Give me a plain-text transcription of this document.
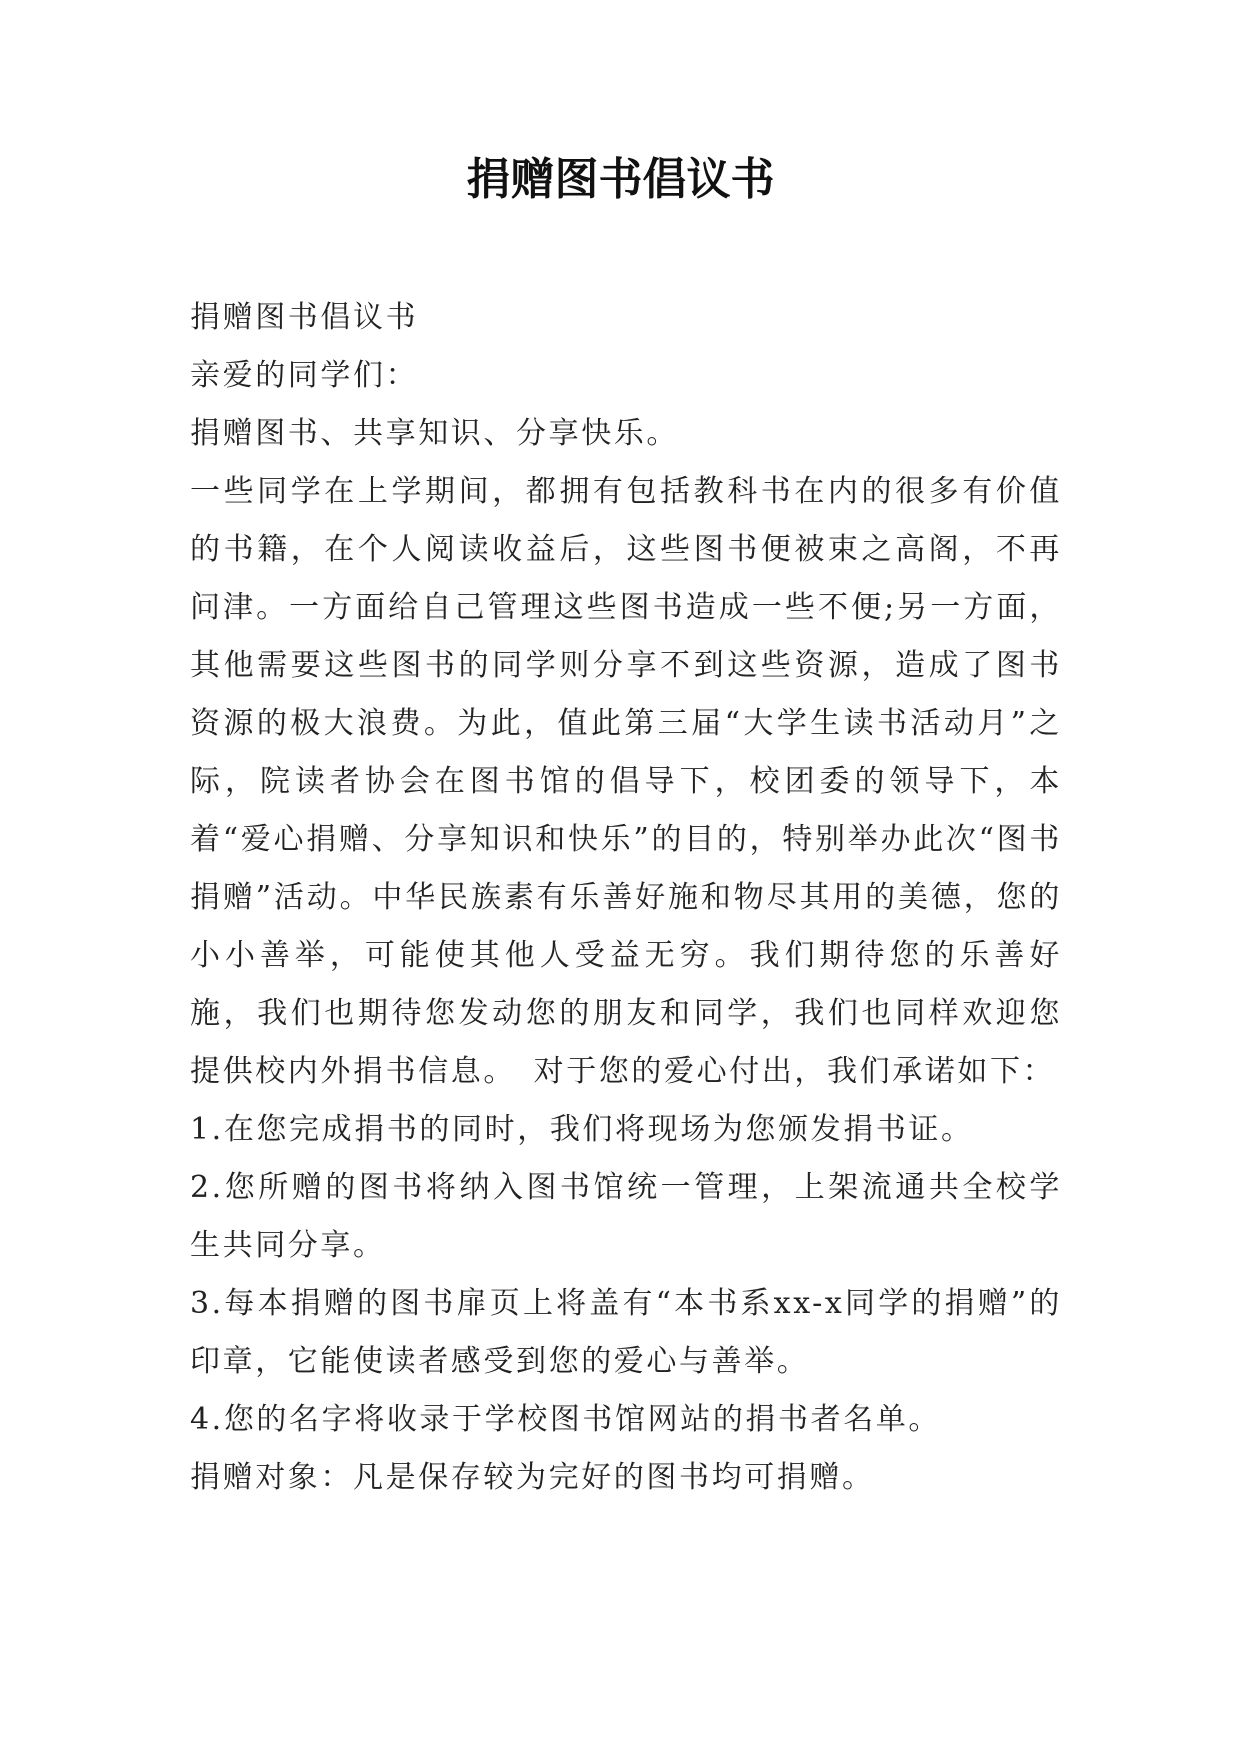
捐赠图书倡议书

捐赠图书倡议书

亲爱的同学们：

捐赠图书、共享知识、分享快乐。

一些同学在上学期间，都拥有包括教科书在内的很多有价值的书籍，在个人阅读收益后，这些图书便被束之高阁，不再问津。一方面给自己管理这些图书造成一些不便;另一方面，其他需要这些图书的同学则分享不到这些资源，造成了图书资源的极大浪费。为此，值此第三届“大学生读书活动月”之际，院读者协会在图书馆的倡导下，校团委的领导下，本着“爱心捐赠、分享知识和快乐”的目的，特别举办此次“图书捐赠”活动。中华民族素有乐善好施和物尽其用的美德，您的小小善举，可能使其他人受益无穷。我们期待您的乐善好施，我们也期待您发动您的朋友和同学，我们也同样欢迎您提供校内外捐书信息。　对于您的爱心付出，我们承诺如下：

1.在您完成捐书的同时，我们将现场为您颁发捐书证。

2.您所赠的图书将纳入图书馆统一管理，上架流通共全校学生共同分享。

3.每本捐赠的图书扉页上将盖有“本书系xx-x同学的捐赠”的印章，它能使读者感受到您的爱心与善举。

4.您的名字将收录于学校图书馆网站的捐书者名单。

捐赠对象：凡是保存较为完好的图书均可捐赠。
